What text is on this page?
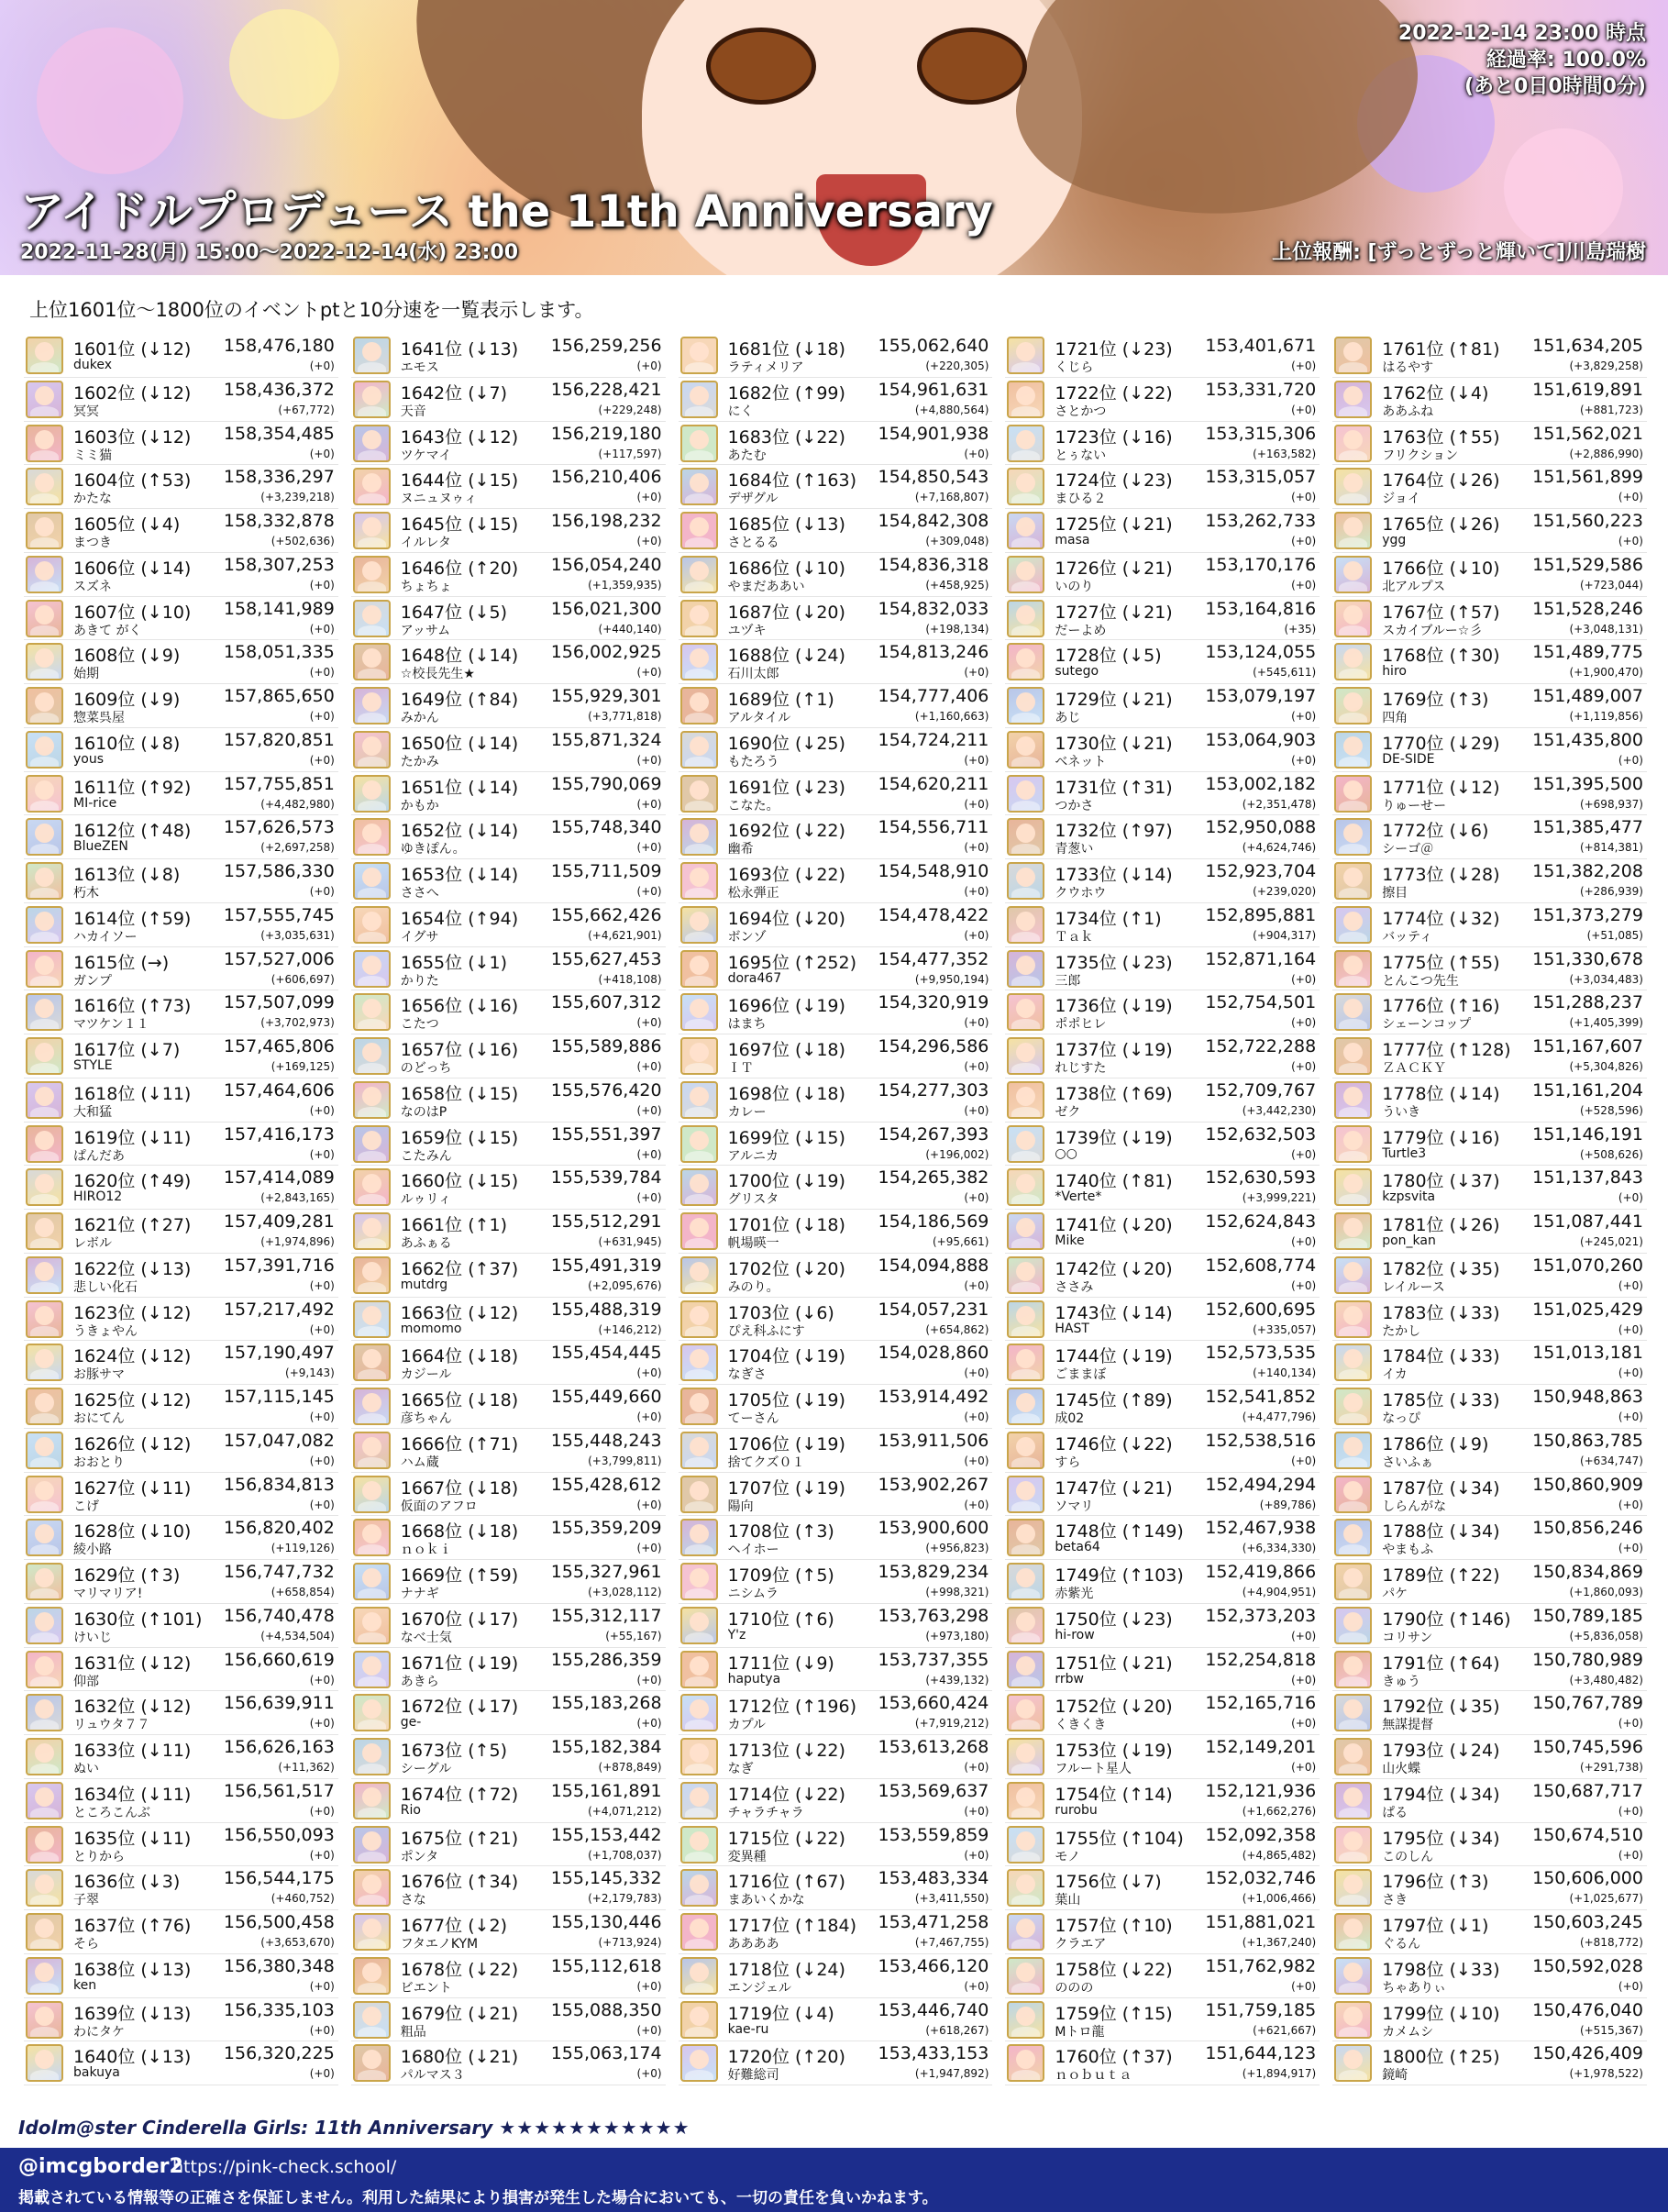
2022-12-14 23:00 時点
経過率: 100.0%
(あと0日0時間0分)
アイドルプロデュース the 11th Anniversary
2022-11-28(月) 15:00～2022-12-14(水) 23:00	上位報酬: [ずっとずっと輝いて]川島瑞樹
上位1601位～1800位のイベントptと10分速を一覧表示します。
1601位 (↓12) 158,476,180
dukex	(+0)
1602位 (↓12) 158,436,372
冥冥	(+67,772)
1603位 (↓12) 158,354,485
ミミ猫	(+0)
1604位 (↑53) 158,336,297
かたな	(+3,239,218)
1605位 (↓4)	158,332,878
まつき	(+502,636)
1606位 (↓14) 158,307,253
スズネ	(+0)
1607位 (↓10) 158,141,989
あきて がく	(+0)
1608位 (↓9)	158,051,335
始期	(+0)
1609位 (↓9)	157,865,650
惣菜呉屋	(+0)
1610位 (↓8)	157,820,851
yous	(+0)
1611位 (↑92) 157,755,851
MI-rice	(+4,482,980)
1612位 (↑48) 157,626,573
BlueZEN	(+2,697,258)
1613位 (↓8)	157,586,330
朽木	(+0)
1614位 (↑59) 157,555,745
ハカイソー	(+3,035,631)
1615位 (→)	157,527,006
ガンプ	(+606,697)
1616位 (↑73) 157,507,099
マツケン１１	(+3,702,973)
1617位 (↓7)	157,465,806
STYLE	(+169,125)
1618位 (↓11) 157,464,606
大和猛	(+0)
1619位 (↓11) 157,416,173
ぱんだあ	(+0)
1620位 (↑49) 157,414,089
HIRO12	(+2,843,165)
1621位 (↑27) 157,409,281
レボル	(+1,974,896)
1622位 (↓13) 157,391,716
悲しい化石	(+0)
1623位 (↓12) 157,217,492
うきょやん	(+0)
1624位 (↓12) 157,190,497
お豚サマ	(+9,143)
1625位 (↓12) 157,115,145
おにてん	(+0)
1626位 (↓12) 157,047,082
おおとり	(+0)
1627位 (↓11) 156,834,813
こげ	(+0)
1628位 (↓10) 156,820,402
綾小路	(+119,126)
1629位 (↑3)	156,747,732
マリマリア!	(+658,854)
1630位 (↑101) 156,740,478
けいじ	(+4,534,504)
1631位 (↓12) 156,660,619
仰部	(+0)
1632位 (↓12) 156,639,911
リュウタ７７	(+0)
1633位 (↓11) 156,626,163
ぬい	(+11,362)
1634位 (↓11) 156,561,517
ところこんぶ	(+0)
1635位 (↓11) 156,550,093
とりから	(+0)
1636位 (↓3)	156,544,175
子翠	(+460,752)
1637位 (↑76) 156,500,458
そら	(+3,653,670)
1638位 (↓13) 156,380,348
ken	(+0)
1639位 (↓13) 156,335,103
わにタケ	(+0)
1640位 (↓13) 156,320,225
bakuya	(+0)
1641位 (↓13) 156,259,256
エモス	(+0)
1642位 (↓7)	156,228,421
天音	(+229,248)
1643位 (↓12) 156,219,180
ツケマイ	(+117,597)
1644位 (↓15) 156,210,406
ヌニュヌゥィ	(+0)
1645位 (↓15) 156,198,232
イルレタ	(+0)
1646位 (↑20) 156,054,240
ちょちょ	(+1,359,935)
1647位 (↓5)	156,021,300
アッサム	(+440,140)
1648位 (↓14) 156,002,925
☆校長先生★	(+0)
1649位 (↑84) 155,929,301
みかん	(+3,771,818)
1650位 (↓14) 155,871,324
たかみ	(+0)
1651位 (↓14) 155,790,069
かもか	(+0)
1652位 (↓14) 155,748,340
ゆきぽん。	(+0)
1653位 (↓14) 155,711,509
ささへ	(+0)
1654位 (↑94) 155,662,426
イグサ	(+4,621,901)
1655位 (↓1)	155,627,453
かりた	(+418,108)
1656位 (↓16) 155,607,312
こたつ	(+0)
1657位 (↓16) 155,589,886
のどっち	(+0)
1658位 (↓15) 155,576,420
なのはP	(+0)
1659位 (↓15) 155,551,397
こたみん	(+0)
1660位 (↓15) 155,539,784
ルゥリィ	(+0)
1661位 (↑1)	155,512,291
あふぁる	(+631,945)
1662位 (↑37) 155,491,319
mutdrg	(+2,095,676)
1663位 (↓12) 155,488,319
momomo	(+146,212)
1664位 (↓18) 155,454,445
カジール	(+0)
1665位 (↓18) 155,449,660
彦ちゃん	(+0)
1666位 (↑71) 155,448,243
ハム蔵	(+3,799,811)
1667位 (↓18) 155,428,612
仮面のアフロ	(+0)
1668位 (↓18) 155,359,209
ｎｏｋｉ	(+0)
1669位 (↑59) 155,327,961
ナナギ	(+3,028,112)
1670位 (↓17) 155,312,117
なべ士気	(+55,167)
1671位 (↓19) 155,286,359
あきら	(+0)
1672位 (↓17) 155,183,268
ge-	(+0)
1673位 (↑5)	155,182,384
シーグル	(+878,849)
1674位 (↑72) 155,161,891
Rio	(+4,071,212)
1675位 (↑21) 155,153,442
ポンタ	(+1,708,037)
1676位 (↑34) 155,145,332
さな	(+2,179,783)
1677位 (↓2)	155,130,446
フタエノKYM	(+713,924)
1678位 (↓22) 155,112,618
ビエント	(+0)
1679位 (↓21) 155,088,350
粗品	(+0)
1680位 (↓21) 155,063,174
パルマス３	(+0)
1681位 (↓18) 155,062,640
ラティメリア	(+220,305)
1682位 (↑99) 154,961,631
にく	(+4,880,564)
1683位 (↓22) 154,901,938
あたむ	(+0)
1684位 (↑163) 154,850,543
デザグル	(+7,168,807)
1685位 (↓13) 154,842,308
さとるる	(+309,048)
1686位 (↓10) 154,836,318
やまだああい	(+458,925)
1687位 (↓20) 154,832,033
ユヅキ	(+198,134)
1688位 (↓24) 154,813,246
石川太郎	(+0)
1689位 (↑1)	154,777,406
アルタイル	(+1,160,663)
1690位 (↓25) 154,724,211
もたろう	(+0)
1691位 (↓23) 154,620,211
こなた。	(+0)
1692位 (↓22) 154,556,711
幽希	(+0)
1693位 (↓22) 154,548,910
松永弾正	(+0)
1694位 (↓20) 154,478,422
ボンゾ	(+0)
1695位 (↑252) 154,477,352
dora467	(+9,950,194)
1696位 (↓19) 154,320,919
はまち	(+0)
1697位 (↓18) 154,296,586
ＩＴ	(+0)
1698位 (↓18) 154,277,303
カレー	(+0)
1699位 (↓15) 154,267,393
アルニカ	(+196,002)
1700位 (↓19) 154,265,382
グリスタ	(+0)
1701位 (↓18) 154,186,569
帆場暎一	(+95,661)
1702位 (↓20) 154,094,888
みのり。	(+0)
1703位 (↓6)	154,057,231
ぴえ科ふにす	(+654,862)
1704位 (↓19) 154,028,860
なぎさ	(+0)
1705位 (↓19) 153,914,492
てーさん	(+0)
1706位 (↓19) 153,911,506
捨てクズ０１	(+0)
1707位 (↓19) 153,902,267
陽向	(+0)
1708位 (↑3)	153,900,600
ヘイホー	(+956,823)
1709位 (↑5)	153,829,234
ニシムラ	(+998,321)
1710位 (↑6)	153,763,298
Y'z	(+973,180)
1711位 (↓9)	153,737,355
haputya	(+439,132)
1712位 (↑196) 153,660,424
カプル	(+7,919,212)
1713位 (↓22) 153,613,268
なぎ	(+0)
1714位 (↓22) 153,569,637
チャラチャラ	(+0)
1715位 (↓22) 153,559,859
変異種	(+0)
1716位 (↑67) 153,483,334
まあいくかな	(+3,411,550)
1717位 (↑184) 153,471,258
ああああ	(+7,467,755)
1718位 (↓24) 153,466,120
エンジェル	(+0)
1719位 (↓4)	153,446,740
kae-ru	(+618,267)
1720位 (↑20) 153,433,153
好難総司	(+1,947,892)
1721位 (↓23) 153,401,671
くじら	(+0)
1722位 (↓22) 153,331,720
さとかつ	(+0)
1723位 (↓16) 153,315,306
とぅない	(+163,582)
1724位 (↓23) 153,315,057
まひる２	(+0)
1725位 (↓21) 153,262,733
masa	(+0)
1726位 (↓21) 153,170,176
いのり	(+0)
1727位 (↓21) 153,164,816
だーよめ	(+35)
1728位 (↓5)	153,124,055
sutego	(+545,611)
1729位 (↓21) 153,079,197
あじ	(+0)
1730位 (↓21) 153,064,903
ベネット	(+0)
1731位 (↑31) 153,002,182
つかさ	(+2,351,478)
1732位 (↑97) 152,950,088
青葱い	(+4,624,746)
1733位 (↓14) 152,923,704
クウホウ	(+239,020)
1734位 (↑1)	152,895,881
Ｔａｋ	(+904,317)
1735位 (↓23) 152,871,164
三郎	(+0)
1736位 (↓19) 152,754,501
ポポヒレ	(+0)
1737位 (↓19) 152,722,288
れじすた	(+0)
1738位 (↑69) 152,709,767
ゼク	(+3,442,230)
1739位 (↓19) 152,632,503
○○	(+0)
1740位 (↑81) 152,630,593
*Verte*	(+3,999,221)
1741位 (↓20) 152,624,843
Mike	(+0)
1742位 (↓20) 152,608,774
ささみ	(+0)
1743位 (↓14) 152,600,695
HAST	(+335,057)
1744位 (↓19) 152,573,535
ごままぼ	(+140,134)
1745位 (↑89) 152,541,852
成02	(+4,477,796)
1746位 (↓22) 152,538,516
すら	(+0)
1747位 (↓21) 152,494,294
ソマリ	(+89,786)
1748位 (↑149) 152,467,938
beta64	(+6,334,330)
1749位 (↑103) 152,419,866
赤紫光	(+4,904,951)
1750位 (↓23) 152,373,203
hi-row	(+0)
1751位 (↓21) 152,254,818
rrbw	(+0)
1752位 (↓20) 152,165,716
くきくき	(+0)
1753位 (↓19) 152,149,201
フルート星人	(+0)
1754位 (↑14) 152,121,936
rurobu	(+1,662,276)
1755位 (↑104) 152,092,358
モノ	(+4,865,482)
1756位 (↓7)	152,032,746
葉山	(+1,006,466)
1757位 (↑10) 151,881,021
クラエア	(+1,367,240)
1758位 (↓22) 151,762,982
ののの	(+0)
1759位 (↑15) 151,759,185
Mトロ龍	(+621,667)
1760位 (↑37) 151,644,123
ｎｏｂｕｔａ	(+1,894,917)
1761位 (↑81) 151,634,205
はるやす	(+3,829,258)
1762位 (↓4)	151,619,891
ああふね	(+881,723)
1763位 (↑55) 151,562,021
フリクション	(+2,886,990)
1764位 (↓26) 151,561,899
ジョイ	(+0)
1765位 (↓26) 151,560,223
ygg	(+0)
1766位 (↓10) 151,529,586
北アルプス	(+723,044)
1767位 (↑57) 151,528,246
スカイブルー☆彡	(+3,048,131)
1768位 (↑30) 151,489,775
hiro	(+1,900,470)
1769位 (↑3)	151,489,007
四角	(+1,119,856)
1770位 (↓29) 151,435,800
DE-SIDE	(+0)
1771位 (↓12) 151,395,500
りゅーせー	(+698,937)
1772位 (↓6)	151,385,477
シーゴ＠	(+814,381)
1773位 (↓28) 151,382,208
擦目	(+286,939)
1774位 (↓32) 151,373,279
バッティ	(+51,085)
1775位 (↑55) 151,330,678
とんこつ先生	(+3,034,483)
1776位 (↑16) 151,288,237
シェーンコップ	(+1,405,399)
1777位 (↑128) 151,167,607
ＺＡＣＫＹ	(+5,304,826)
1778位 (↓14) 151,161,204
ういき	(+528,596)
1779位 (↓16) 151,146,191
Turtle3	(+508,626)
1780位 (↓37) 151,137,843
kzpsvita	(+0)
1781位 (↓26) 151,087,441
pon_kan	(+245,021)
1782位 (↓35) 151,070,260
レイルース	(+0)
1783位 (↓33) 151,025,429
たかし	(+0)
1784位 (↓33) 151,013,181
イカ	(+0)
1785位 (↓33) 150,948,863
なっぴ	(+0)
1786位 (↓9)	150,863,785
さいふぁ	(+634,747)
1787位 (↓34) 150,860,909
しらんがな	(+0)
1788位 (↓34) 150,856,246
やまもふ	(+0)
1789位 (↑22) 150,834,869
パケ	(+1,860,093)
1790位 (↑146) 150,789,185
コリサン	(+5,836,058)
1791位 (↑64) 150,780,989
きゅう	(+3,480,482)
1792位 (↓35) 150,767,789
無謀提督	(+0)
1793位 (↓24) 150,745,596
山火蝶	(+291,738)
1794位 (↓34) 150,687,717
ぱる	(+0)
1795位 (↓34) 150,674,510
このしん	(+0)
1796位 (↑3)	150,606,000
さき	(+1,025,677)
1797位 (↓1)	150,603,245
ぐるん	(+818,772)
1798位 (↓33) 150,592,028
ちゃありぃ	(+0)
1799位 (↓10) 150,476,040
カメムシ	(+515,367)
1800位 (↑25) 150,426,409
鏡崎	(+1,978,522)
Idolm@ster Cinderella Girls: 11th Anniversary ★★★★★★★★★★★
@imcgborder2
https://pink-check.school/
掲載されている情報等の正確さを保証しません。利用した結果により損害が発生した場合においても、一切の責任を負いかねます。
